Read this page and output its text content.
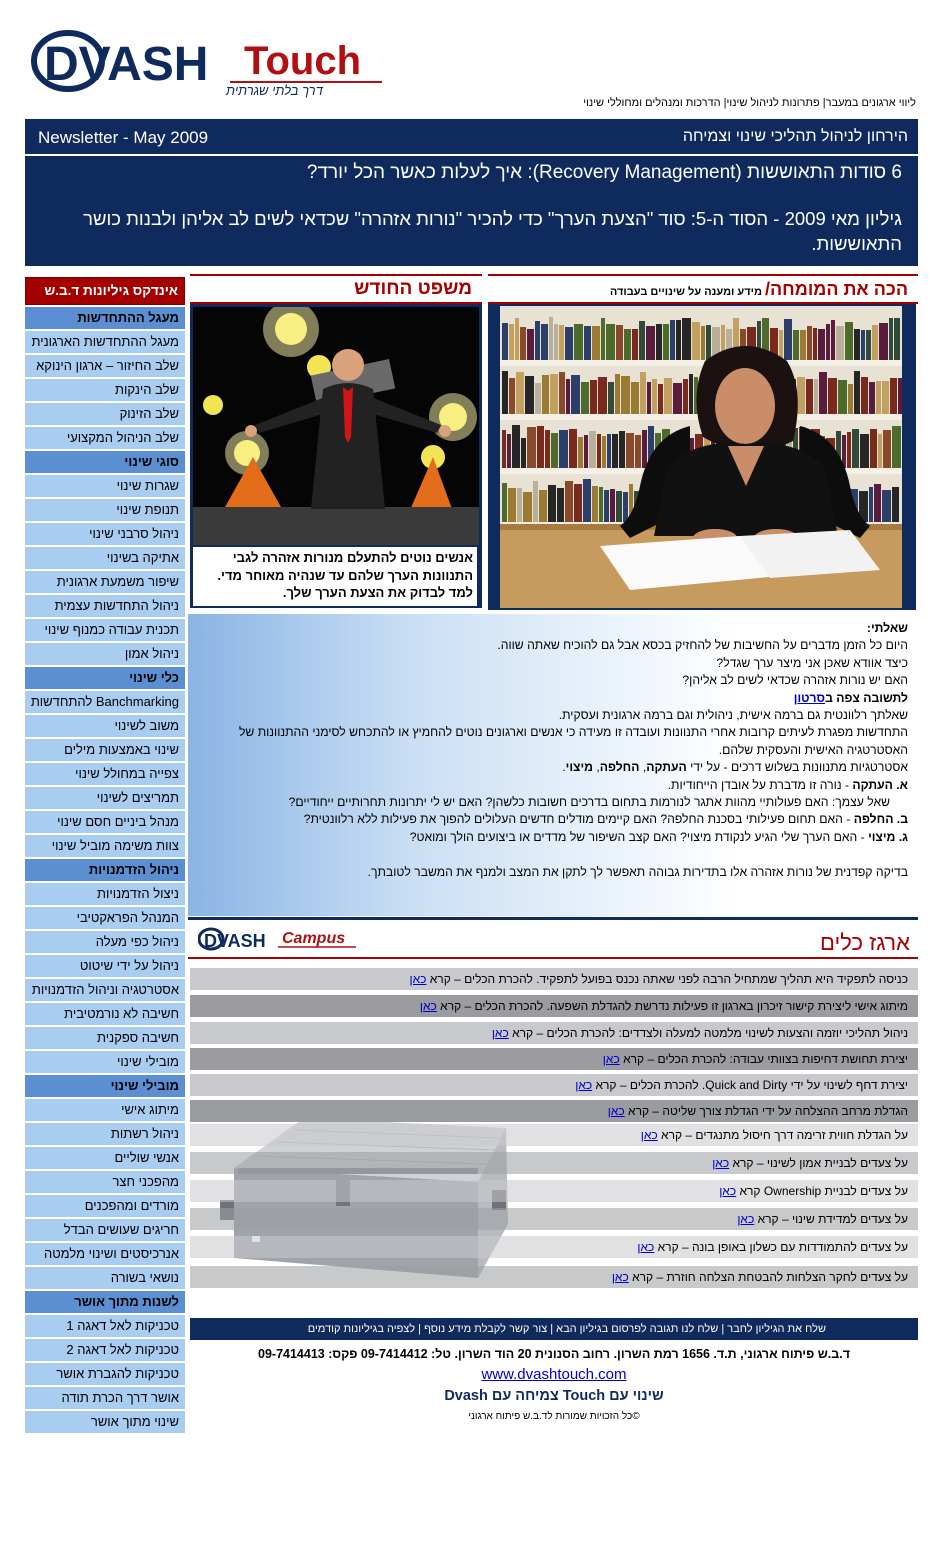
DVASH Touch
דרך בלתי שגרתית
ליווי ארגונים במעבר| פתרונות לניהול שינוי| הדרכות ומנהלים ומחוללי שינוי
Newsletter - May 2009	הירחון לניהול תהליכי שינוי וצמיחה
6 סודות התאוששות (Recovery Management): איך לעלות כאשר הכל יורד?
גיליון מאי 2009 - הסוד ה-5: סוד "הצעת הערך" כדי להכיר "נורות אזהרה" שכדאי לשים לב אליהן ולבנות כושר התאוששות.
אינדקס גיליונות ד.ב.ש
מעגל ההתחדשות
מעגל ההתחדשות הארגונית
שלב החיזור – ארגון הינוקא
שלב הינקות
שלב הזינוק
שלב הניהול המקצועי
סוגי שינוי
שגרות שינוי
תנופת שינוי
ניהול סרבני שינוי
אתיקה בשינוי
שיפור משמעת ארגונית
ניהול התחדשות עצמית
תכנית עבודה כמנוף שינוי
ניהול אמון
כלי שינוי
Banchmarking להתחדשות
משוב לשינוי
שינוי באמצעות מילים
צפייה במחולל שינוי
תמריצים לשינוי
מנהל ביניים חסם שינוי
צוות משימה מוביל שינוי
ניהול הזדמנויות
ניצול הזדמנויות
המנהל הפראקטיבי
ניהול כפי מעלה
ניהול על ידי שיטוט
אסטרטגיה וניהול הזדמנויות
חשיבה לא נורמטיבית
חשיבה ספקנית
מובילי שינוי
מובילי שינוי
מיתוג אישי
ניהול רשתות
אנשי שוליים
מהפכני חצר
מורדים ומהפכנים
חריגים שעושים הבדל
אנרכיסטים ושינוי מלמטה
נושאי בשורה
לשנות מתוך אושר
טכניקות לאל דאגה 1
טכניקות לאל דאגה 2
טכניקות להגברת אושר
אושר דרך הכרת תודה
שינוי מתוך אושר
הכה את המומחה/ מידע ומענה על שינויים בעבודה
משפט החודש
אנשים נוטים להתעלם מנורות אזהרה לגבי התנוונות הערך שלהם עד שנהיה מאוחר מדי. למד לבדוק את הצעת הערך שלך.

שאלתי:

היום כל הזמן מדברים על החשיבות של להחזיק בכסא אבל גם להוכיח שאתה שווה.

כיצד אוודא שאכן אני מיצר ערך שגדל?

האם יש נורות אזהרה שכדאי לשים לב אליהן?

לתשובה צפה בסרטון

שאלתך רלוונטית גם ברמה אישית, ניהולית וגם ברמה ארגונית ועסקית.

התחדשות מפגרת לעיתים קרובות אחרי התנוונות ועובדה זו מעידה כי אנשים וארגונים נוטים להחמיץ או להתכחש לסימני ההתנוונות של האסטרטגיה האישית והעסקית שלהם.

אסטרטגיות מתנוונות בשלוש דרכים - על ידי העתקה, החלפה, מיצוי.

א. העתקה - נורה זו מדברת על אובדן הייחודיות.

שאל עצמך: האם פעולותיי מהוות אתגר לנורמות בתחום בדרכים חשובות כלשהן? האם יש לי יתרונות תחרותיים ייחודיים?

ב. החלפה - האם תחום פעילותי בסכנת החלפה? האם קיימים מודלים חדשים העלולים להפוך את פעילות ללא רלוונטית?

ג. מיצוי - האם הערך שלי הגיע לנקודת מיצוי? האם קצב השיפור של מדדים או ביצועים הולך ומואט?

בדיקה קפדנית של נורות אזהרה אלו בתדירות גבוהה תאפשר לך לתקן את המצב ולמנף את המשבר לטובתך.

DVASH Campus	ארגז כלים
כניסה לתפקיד היא תהליך שמתחיל הרבה לפני שאתה נכנס בפועל לתפקיד. להכרת הכלים – קרא כאן
מיתוג אישי ליצירת קישור זיכרון בארגון זו פעילות נדרשת להגדלת השפעה. להכרת הכלים – קרא כאן
ניהול תהליכי יוזמה והצעות לשינוי מלמטה למעלה ולצדדים: להכרת הכלים – קרא כאן
יצירת תחושת דחיפות בצוותי עבודה: להכרת הכלים – קרא כאן
יצירת דחף לשינוי על ידי Quick and Dirty. להכרת הכלים – קרא כאן
הגדלת מרחב ההצלחה על ידי הגדלת צורך שליטה – קרא כאן
על הגדלת חווית זרימה דרך חיסול מתנגדים – קרא כאן
על צעדים לבניית אמון לשינוי – קרא כאן
על צעדים לבניית Ownership קרא כאן
על צעדים למדידת שינוי – קרא כאן
על צעדים להתמודדות עם כשלון באופן בונה – קרא כאן
על צעדים לחקר הצלחות להבטחת הצלחה חוזרת – קרא כאן
שלח את הגיליון לחבר | שלח לנו תגובה לפרסום בגיליון הבא | צור קשר לקבלת מידע נוסף | לצפיה בגיליונות קודמים
ד.ב.ש פיתוח ארגוני, ת.ד. 1656 רמת השרון. רחוב הסנונית 20 הוד השרון. טל: 09-7414412 פקס: 09-7414413
www.dvashtouch.com
שינוי עם Touch צמיחה עם Dvash
©כל הזכויות שמורות לד.ב.ש פיתוח ארגוני
